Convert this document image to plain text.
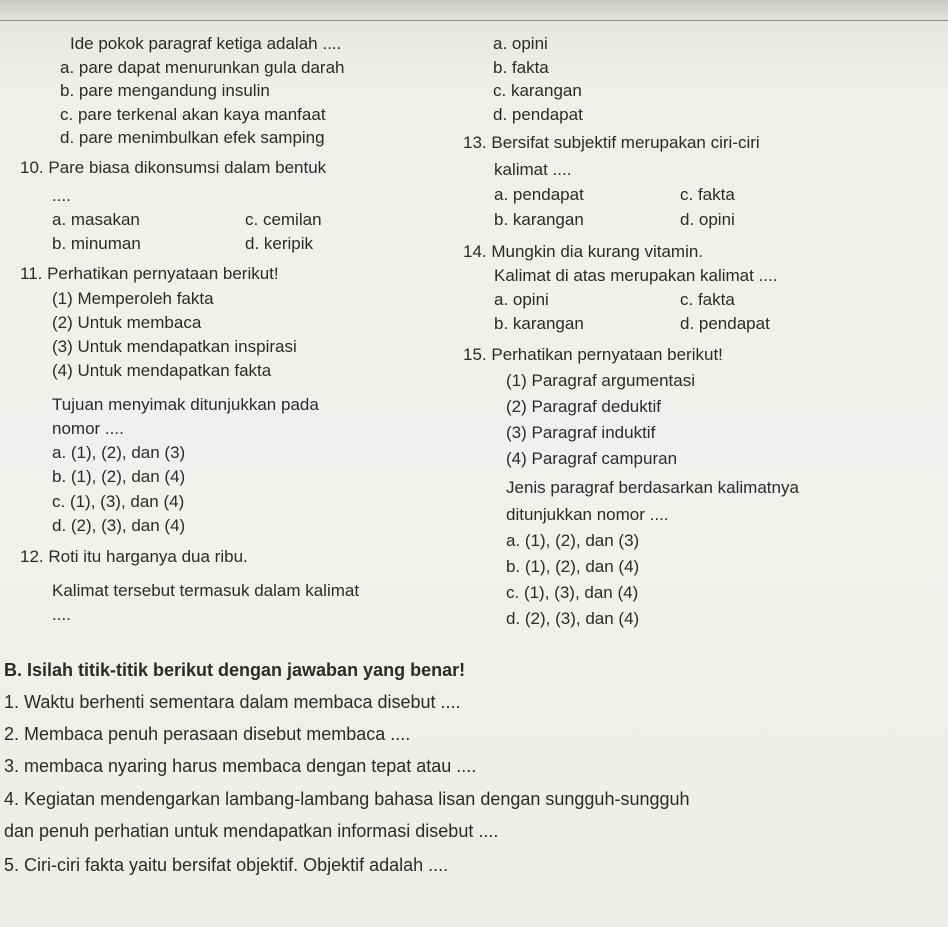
Ide pokok paragraf ketiga adalah ....
a. pare dapat menurunkan gula darah
b. pare mengandung insulin
c. pare terkenal akan kaya manfaat
d. pare menimbulkan efek samping
10. Pare biasa dikonsumsi dalam bentuk
....
a. masakan	c. cemilan
b. minuman	d. keripik
11. Perhatikan pernyataan berikut!
(1) Memperoleh fakta
(2) Untuk membaca
(3) Untuk mendapatkan inspirasi
(4) Untuk mendapatkan fakta
Tujuan menyimak ditunjukkan pada
nomor ....
a. (1), (2), dan (3)
b. (1), (2), dan (4)
c. (1), (3), dan (4)
d. (2), (3), dan (4)
12. Roti itu harganya dua ribu.
Kalimat tersebut termasuk dalam kalimat
....
a. opini
b. fakta
c. karangan
d. pendapat
13. Bersifat subjektif merupakan ciri-ciri
kalimat ....
a. pendapat	c. fakta
b. karangan	d. opini
14. Mungkin dia kurang vitamin.
Kalimat di atas merupakan kalimat ....
a. opini	c. fakta
b. karangan	d. pendapat
15. Perhatikan pernyataan berikut!
(1) Paragraf argumentasi
(2) Paragraf deduktif
(3) Paragraf induktif
(4) Paragraf campuran
Jenis paragraf berdasarkan kalimatnya
ditunjukkan nomor ....
a. (1), (2), dan (3)
b. (1), (2), dan (4)
c. (1), (3), dan (4)
d. (2), (3), dan (4)
B. Isilah titik-titik berikut dengan jawaban yang benar!
1. Waktu berhenti sementara dalam membaca disebut ....
2. Membaca penuh perasaan disebut membaca ....
3. membaca nyaring harus membaca dengan tepat atau ....
4. Kegiatan mendengarkan lambang-lambang bahasa lisan dengan sungguh-sungguh
dan penuh perhatian untuk mendapatkan informasi disebut ....
5. Ciri-ciri fakta yaitu bersifat objektif. Objektif adalah ....
